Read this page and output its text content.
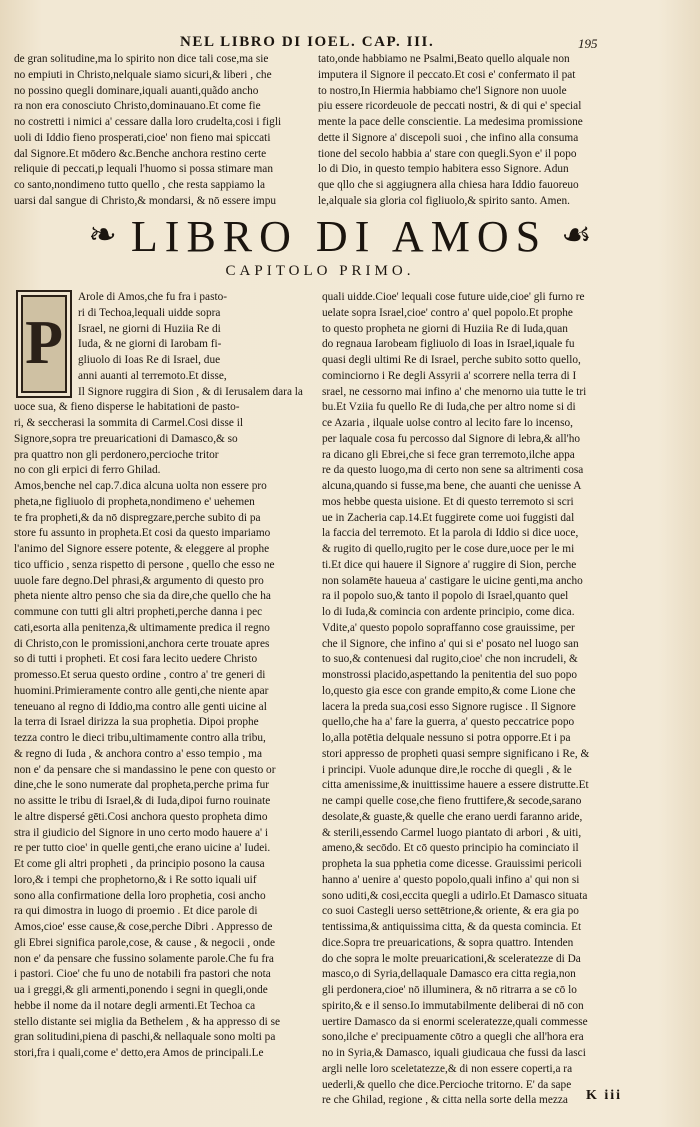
NEL LIBRO DI IOEL. CAP. III.	195

de gran solitudine,ma lo spirito non dice tali cose,ma sie

no empiuti in Christo,nelquale siamo sicuri,& liberi , che

no possino quegli dominare,iquali auanti,quãdo ancho

ra non era conosciuto Christo,dominauano.Et come fie

no costretti i nimici a' cessare dalla loro crudelta,cosi i figli

uoli di Iddio fieno prosperati,cioe' non fieno mai spiccati

dal Signore.Et mōdero &c.Benche anchora restino certe

reliquie di peccati,p lequali l'huomo si possa stimare man

co santo,nondimeno tutto quello , che resta sappiamo la

uarsi dal sangue di Christo,& mondarsi, & nō essere impu

tato,onde habbiamo ne Psalmi,Beato quello alquale non

imputera il Signore il peccato.Et cosi e' confermato il pat

to nostro,In Hiermia habbiamo che'l Signore non uuole

piu essere ricordeuole de peccati nostri, & di qui e' special

mente la pace delle conscientie. La medesima promissione

dette il Signore a' discepoli suoi , che infino alla consuma

tione del secolo habbia a' stare con quegli.Syon e' il popo

lo di Dio, in questo tempio habitera esso Signore. Adun

que qllo che si aggiugnera alla chiesa hara Iddio fauoreuo

le,alquale sia gloria col figliuolo,& spirito santo. Amen.

❧ LIBRO DI AMOS ☙
CAPITOLO PRIMO.
P

Arole di Amos,che fu fra i pasto-

ri di Techoa,lequali uidde sopra

Israel, ne giorni di Huziia Re di

Iuda, & ne giorni di Iarobam fi-

gliuolo di Ioas Re di Israel, due

anni auanti al terremoto.Et disse,

Il Signore ruggira di Sion , & di Ierusalem dara la

uoce sua, & fieno disperse le habitationi de pasto-

ri, & seccherasi la sommita di Carmel.Cosi disse il

Signore,sopra tre preuaricationi di Damasco,& so

pra quattro non gli perdonero,percioche tritor

no con gli erpici di ferro Ghilad.

Amos,benche nel cap.7.dica alcuna uolta non essere pro

pheta,ne figliuolo di propheta,nondimeno e' uehemen

te fra propheti,& da nō dispregzare,perche subito di pa

store fu assunto in propheta.Et cosi da questo impariamo

l'animo del Signore essere potente, & eleggere al prophe

tico ufficio , senza rispetto di persone , quello che esso ne

uuole fare degno.Del phrasi,& argumento di questo pro

pheta niente altro penso che sia da dire,che quello che ha

commune con tutti gli altri propheti,perche danna i pec

cati,esorta alla penitenza,& ultimamente predica il regno

di Christo,con le promissioni,anchora certe trouate apres

so di tutti i propheti. Et cosi fara lecito uedere Christo

promesso.Et serua questo ordine , contro a' tre generi di

huomini.Primieramente contro alle genti,che niente apar

teneuano al regno di Iddio,ma contro alle genti uicine al

la terra di Israel dirizza la sua prophetia. Dipoi prophe

tezza contro le dieci tribu,ultimamente contro alla tribu,

& regno di Iuda , & anchora contro a' esso tempio , ma

non e' da pensare che si mandassino le pene con questo or

dine,che le sono numerate dal propheta,perche prima fur

no assitte le tribu di Israel,& di Iuda,dipoi furno rouinate

le altre dispersé gēti.Cosi anchora questo propheta dimo

stra il giudicio del Signore in uno certo modo hauere a' i

re per tutto cioe' in quelle genti,che erano uicine a' Iudei.

Et come gli altri propheti , da principio posono la causa

loro,& i tempi che prophetorno,& i Re sotto iquali uif

sono alla confirmatione della loro prophetia, cosi ancho

ra qui dimostra in luogo di proemio . Et dice parole di

Amos,cioe' esse cause,& cose,perche Dibri . Appresso de

gli Ebrei significa parole,cose, & cause , & negocii , onde

non e' da pensare che fussino solamente parole.Che fu fra

i pastori. Cioe' che fu uno de notabili fra pastori che nota

ua i greggi,& gli armenti,ponendo i segni in quegli,onde

hebbe il nome da il notare degli armenti.Et Techoa ca

stello distante sei miglia da Bethelem , & ha appresso di se

gran solitudini,piena di paschi,& nellaquale sono molti pa

stori,fra i quali,come e' detto,era Amos de principali.Le

quali uidde.Cioe' lequali cose future uide,cioe' gli furno re

uelate sopra Israel,cioe' contro a' quel popolo.Et prophe

to questo propheta ne giorni di Huziia Re di Iuda,quan

do regnaua Iarobeam figliuolo di Ioas in Israel,iquale fu

quasi degli ultimi Re di Israel, perche subito sotto quello,

cominciorno i Re degli Assyrii a' scorrere nella terra di I

srael, ne cessorno mai infino a' che menorno uia tutte le tri

bu.Et Vziia fu quello Re di Iuda,che per altro nome si di

ce Azaria , ilquale uolse contro al lecito fare lo incenso,

per laquale cosa fu percosso dal Signore di lebra,& all'ho

ra dicano gli Ebrei,che si fece gran terremoto,ilche appa

re da questo luogo,ma di certo non sene sa altrimenti cosa

alcuna,quando si fusse,ma bene, che auanti che uenisse A

mos hebbe questa uisione. Et di questo terremoto si scri

ue in Zacheria cap.14.Et fuggirete come uoi fuggisti dal

la faccia del terremoto. Et la parola di Iddio si dice uoce,

& rugito di quello,rugito per le cose dure,uoce per le mi

ti.Et dice qui hauere il Signore a' ruggire di Sion, perche

non solamēte haueua a' castigare le uicine genti,ma ancho

ra il popolo suo,& tanto il popolo di Israel,quanto quel

lo di Iuda,& comincia con ardente principio, come dica.

Vdite,a' questo popolo sopraffanno cose grauissime, per

che il Signore, che infino a' qui si e' posato nel luogo san

to suo,& contenuesi dal rugito,cioe' che non incrudeli, &

monstrossi placido,aspettando la penitentia del suo popo

lo,questo gia esce con grande empito,& come Lione che

lacera la preda sua,cosi esso Signore rugisce . Il Signore

quello,che ha a' fare la guerra, a' questo peccatrice popo

lo,alla potētia delquale nessuno si potra opporre.Et i pa

stori appresso de propheti quasi sempre significano i Re, &

i principi. Vuole adunque dire,le rocche di quegli , & le

citta amenissime,& inuittissime hauere a essere distrutte.Et

ne campi quelle cose,che fieno fruttifere,& secode,sarano

desolate,& guaste,& quelle che erano uerdi faranno aride,

& sterili,essendo Carmel luogo piantato di arbori , & uiti,

ameno,& secōdo. Et cō questo principio ha cominciato il

propheta la sua pphetia come dicesse. Grauissimi pericoli

hanno a' uenire a' questo popolo,quali infino a' qui non si

sono uditi,& cosi,eccita quegli a udirlo.Et Damasco situata

co suoi Castegli uerso settētrione,& oriente, & era gia po

tentissima,& antiquissima citta, & da questa comincia. Et

dice.Sopra tre preuarications, & sopra quattro. Intenden

do che sopra le molte preuaricationi,& sceleratezze di Da

masco,o di Syria,dellaquale Damasco era citta regia,non

gli perdonera,cioe' nō illuminera, & nō ritrarra a se cō lo

spirito,& e il senso.Io immutabilmente deliberai di nō con

uertire Damasco da si enormi sceleratezze,quali commesse

sono,ilche e' precipuamente cōtro a quegli che all'hora era

no in Syria,& Damasco, iquali giudicaua che fussi da lasci

argli nelle loro sceletatezze,& di non essere coperti,a ra

uederli,& quello che dice.Percioche tritorno. E' da sape

re che Ghilad, regione , & citta nella sorte della mezza	K iii
